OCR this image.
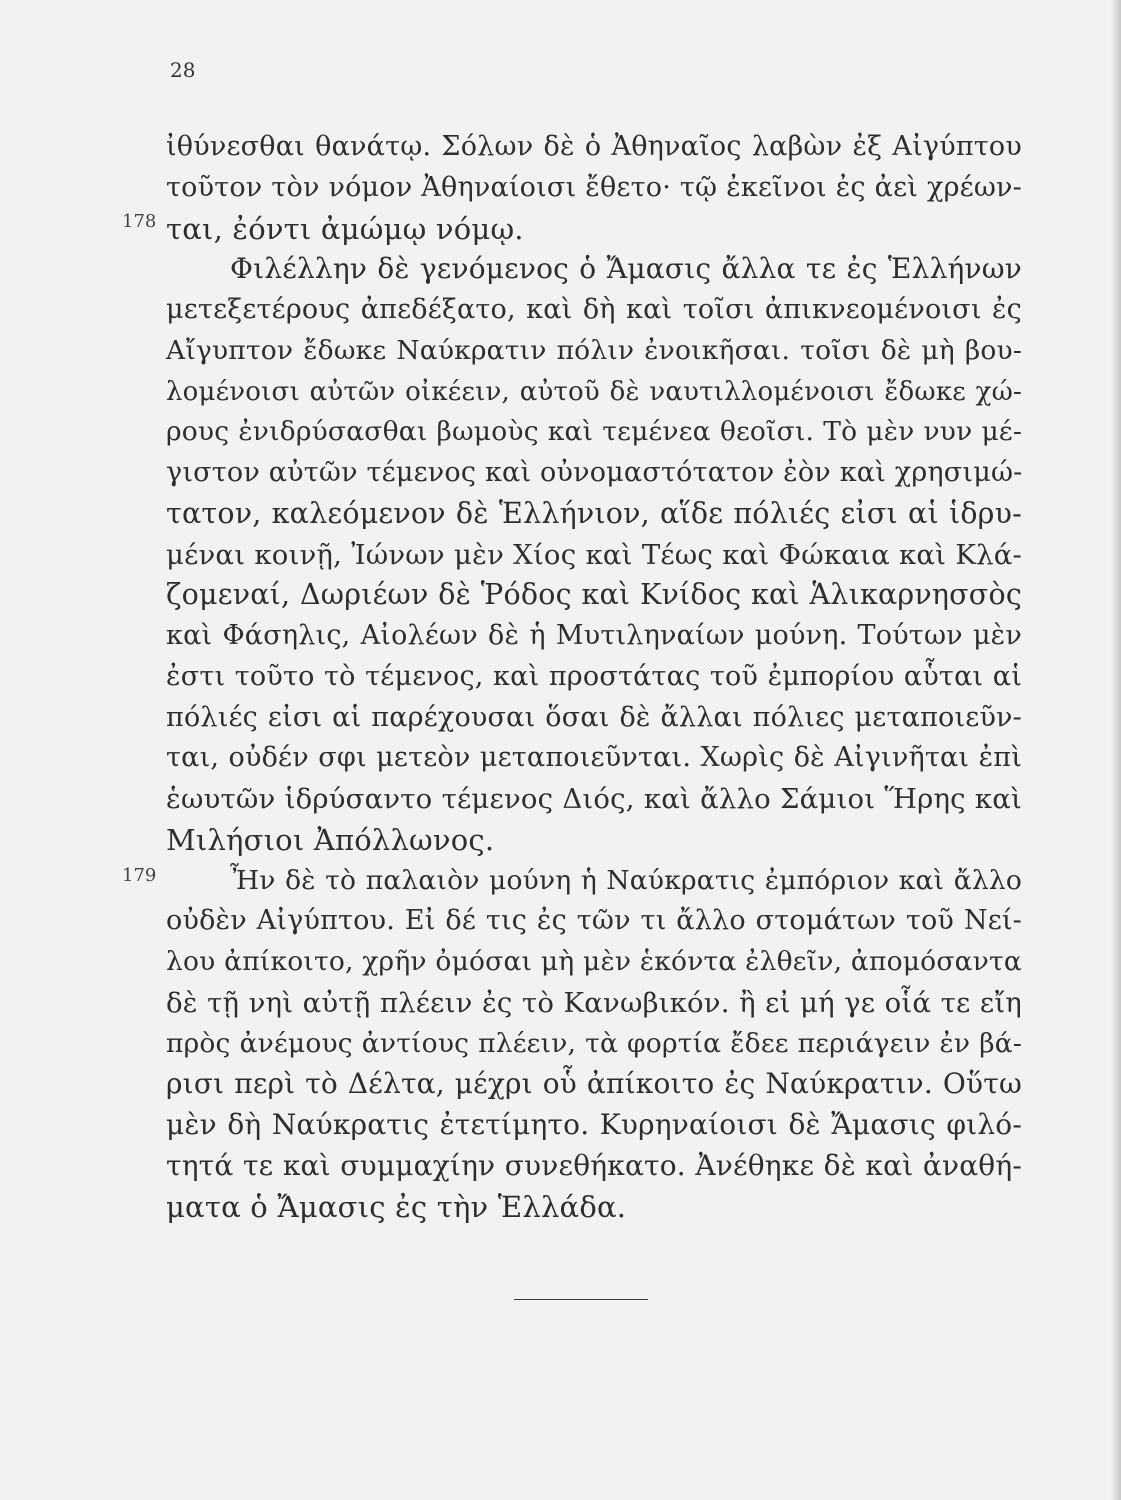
28
178
179
ἰθύνεσθαι θανάτῳ. Σόλων δὲ ὁ Ἀθηναῖος λαβὼν ἐξ Αἰγύπτου
τοῦτον τὸν νόμον Ἀθηναίοισι ἔθετο· τῷ ἐκεῖνοι ἐς ἀεὶ χρέων-
ται, ἐόντι ἀμώμῳ νόμῳ.
Φιλέλλην δὲ γενόμενος ὁ Ἄμασις ἄλλα τε ἐς Ἑλλήνων
μετεξετέρους ἀπεδέξατο, καὶ δὴ καὶ τοῖσι ἀπικνεομένοισι ἐς
Αἴγυπτον ἔδωκε Ναύκρατιν πόλιν ἐνοικῆσαι. τοῖσι δὲ μὴ βου-
λομένοισι αὐτῶν οἰκέειν, αὐτοῦ δὲ ναυτιλλομένοισι ἔδωκε χώ-
ρους ἐνιδρύσασθαι βωμοὺς καὶ τεμένεα θεοῖσι. Τὸ μὲν νυν μέ-
γιστον αὐτῶν τέμενος καὶ οὐνομαστότατον ἐὸν καὶ χρησιμώ-
τατον, καλεόμενον δὲ Ἑλλήνιον, αἵδε πόλιές εἰσι αἱ ἱδρυ-
μέναι κοινῇ, Ἰώνων μὲν Χίος καὶ Τέως καὶ Φώκαια καὶ Κλά-
ζομεναί, Δωριέων δὲ Ῥόδος καὶ Κνίδος καὶ Ἁλικαρνησσὸς
καὶ Φάσηλις, Αἰολέων δὲ ἡ Μυτιληναίων μούνη. Τούτων μὲν
ἐστι τοῦτο τὸ τέμενος, καὶ προστάτας τοῦ ἐμπορίου αὗται αἱ
πόλιές εἰσι αἱ παρέχουσαι ὅσαι δὲ ἄλλαι πόλιες μεταποιεῦν-
ται, οὐδέν σφι μετεὸν μεταποιεῦνται. Χωρὶς δὲ Αἰγινῆται ἐπὶ
ἑωυτῶν ἱδρύσαντο τέμενος Διός, καὶ ἄλλο Σάμιοι Ἥρης καὶ
Μιλήσιοι Ἀπόλλωνος.
Ἦν δὲ τὸ παλαιὸν μούνη ἡ Ναύκρατις ἐμπόριον καὶ ἄλλο
οὐδὲν Αἰγύπτου. Εἰ δέ τις ἐς τῶν τι ἄλλο στομάτων τοῦ Νεί-
λου ἀπίκοιτο, χρῆν ὀμόσαι μὴ μὲν ἑκόντα ἐλθεῖν, ἀπομόσαντα
δὲ τῇ νηὶ αὐτῇ πλέειν ἐς τὸ Κανωβικόν. ἢ εἰ μή γε οἷά τε εἴη
πρὸς ἀνέμους ἀντίους πλέειν, τὰ φορτία ἔδεε περιάγειν ἐν βά-
ρισι περὶ τὸ Δέλτα, μέχρι οὗ ἀπίκοιτο ἐς Ναύκρατιν. Οὕτω
μὲν δὴ Ναύκρατις ἐτετίμητο. Κυρηναίοισι δὲ Ἄμασις φιλό-
τητά τε καὶ συμμαχίην συνεθήκατο. Ἀνέθηκε δὲ καὶ ἀναθή-
ματα ὁ Ἄμασις ἐς τὴν Ἑλλάδα.
